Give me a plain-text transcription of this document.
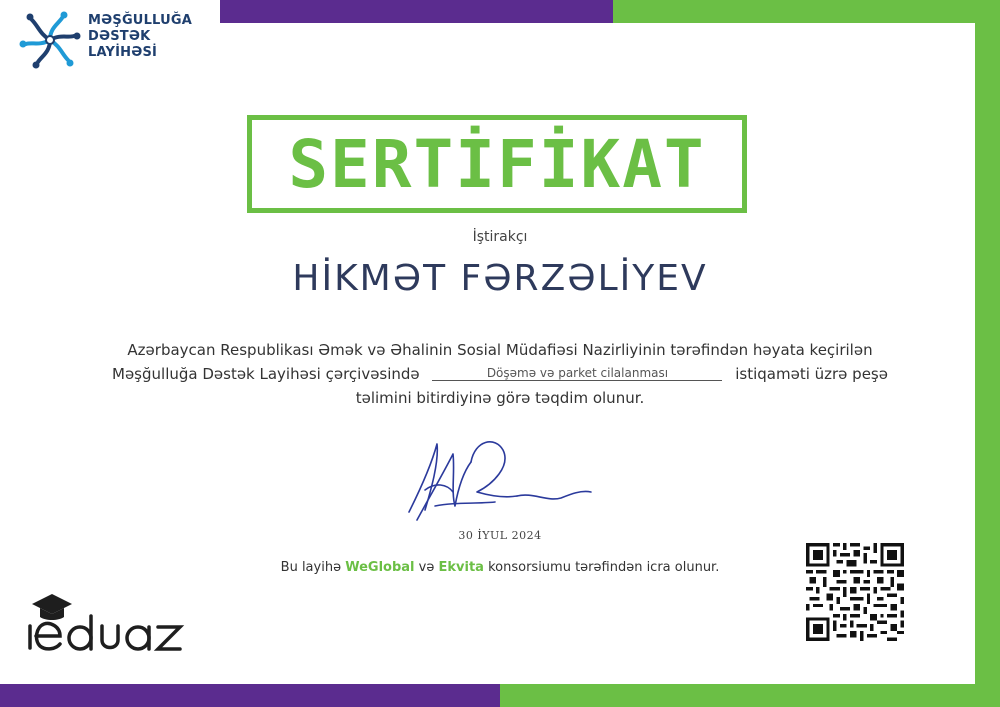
MƏŞĞULLUĞA
DƏSTƏK
LAYİHƏSİ
SERTİFİKAT
İştirakçı
HİKMƏT FƏRZƏLİYEV
Azərbaycan Respublikası Əmək və Əhalinin Sosial Müdafiəsi Nazirliyinin tərəfindən həyata keçirilən
Məşğulluğa Dəstək Layihəsi çərçivəsində	Döşəmə və parket cilalanması	istiqaməti üzrə peşə
təlimini bitirdiyinə görə təqdim olunur.
30 İYUL 2024
Bu layihə WeGlobal və Ekvita konsorsiumu tərəfindən icra olunur.
